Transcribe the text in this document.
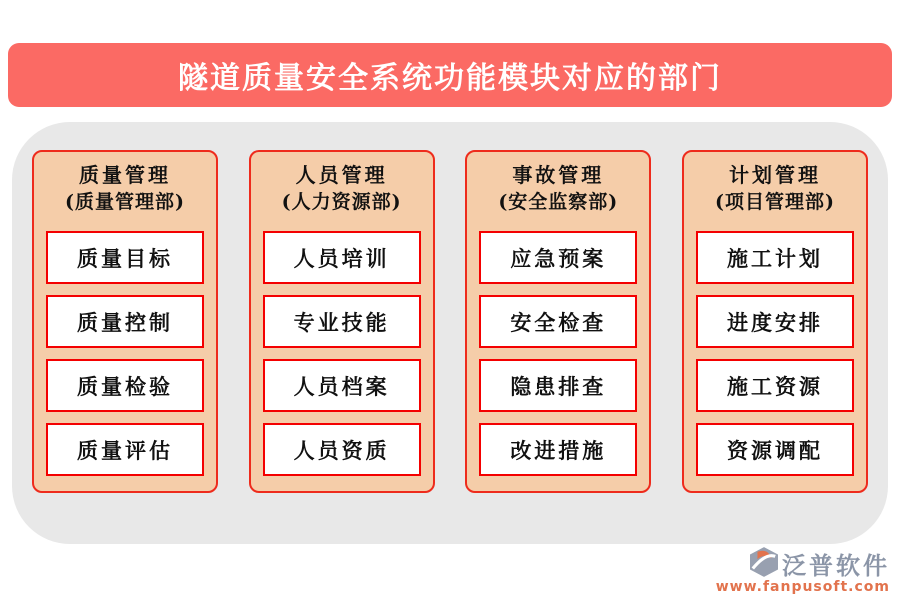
隧道质量安全系统功能模块对应的部门
质量管理
(质量管理部)
质量目标
质量控制
质量检验
质量评估
人员管理
(人力资源部)
人员培训
专业技能
人员档案
人员资质
事故管理
(安全监察部)
应急预案
安全检查
隐患排查
改进措施
计划管理
(项目管理部)
施工计划
进度安排
施工资源
资源调配
泛普软件
www.fanpusoft.com
